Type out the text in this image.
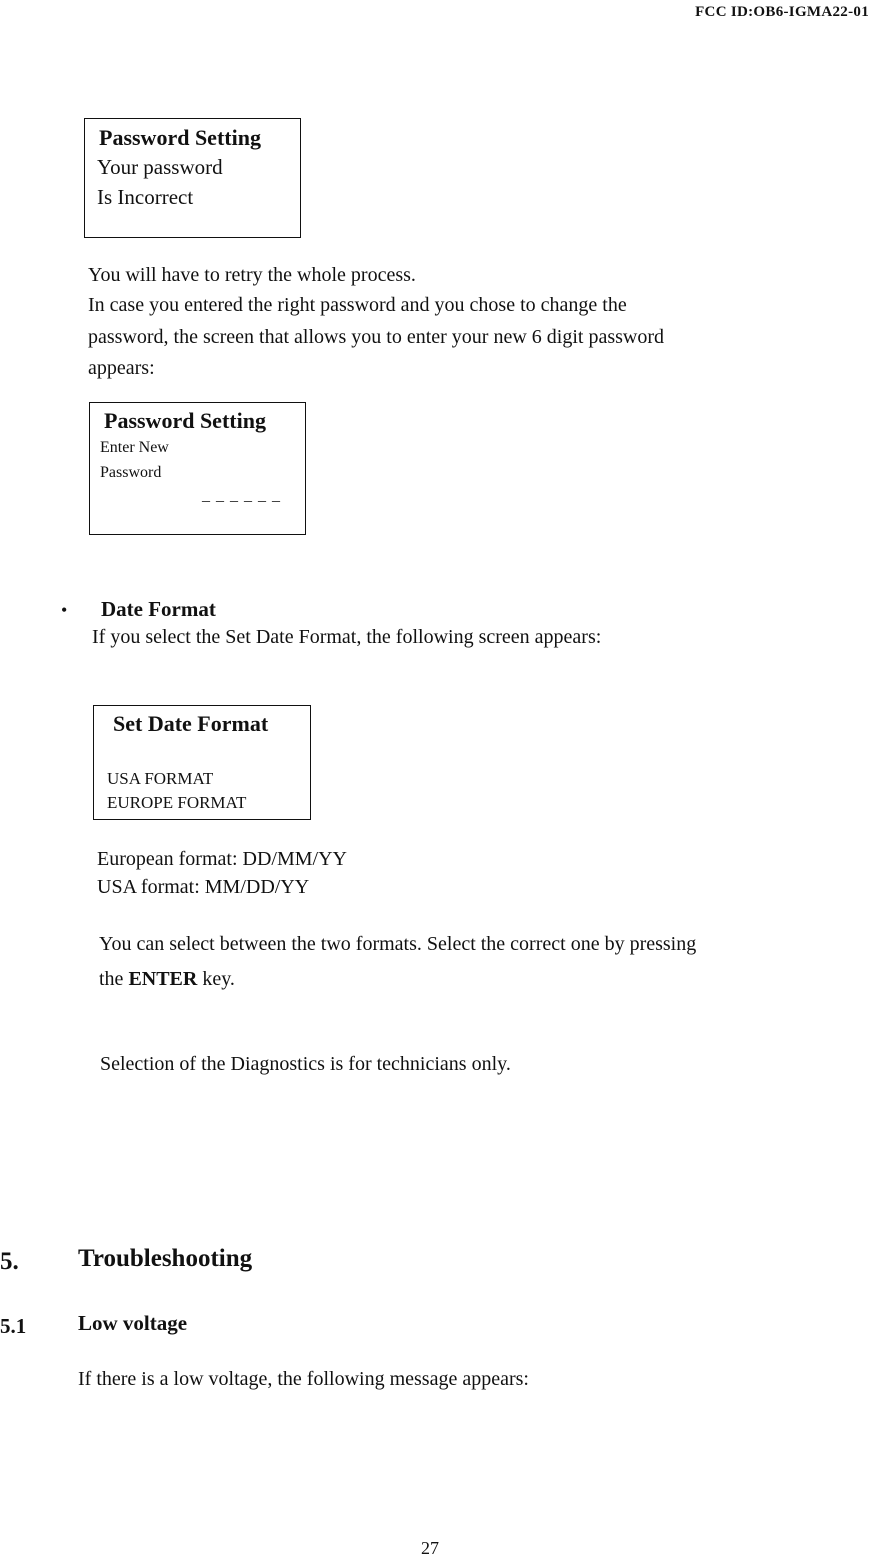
FCC ID:OB6-IGMA22-01
Password Setting
Your password
Is Incorrect
You will have to retry the whole process.
In case you entered the right password and you chose to change the
password, the screen that allows you to enter your new 6 digit password
appears:
Password Setting
Enter New
Password
_ _ _ _ _ _
• Date Format
If you select the Set Date Format, the following screen appears:
Set Date Format
USA FORMAT
EUROPE FORMAT
European format: DD/MM/YY
USA format: MM/DD/YY
You can select between the two formats. Select the correct one by pressing
the ENTER key.
Selection of the Diagnostics is for technicians only.
5. Troubleshooting
5.1 Low voltage
If there is a low voltage, the following message appears:
27
